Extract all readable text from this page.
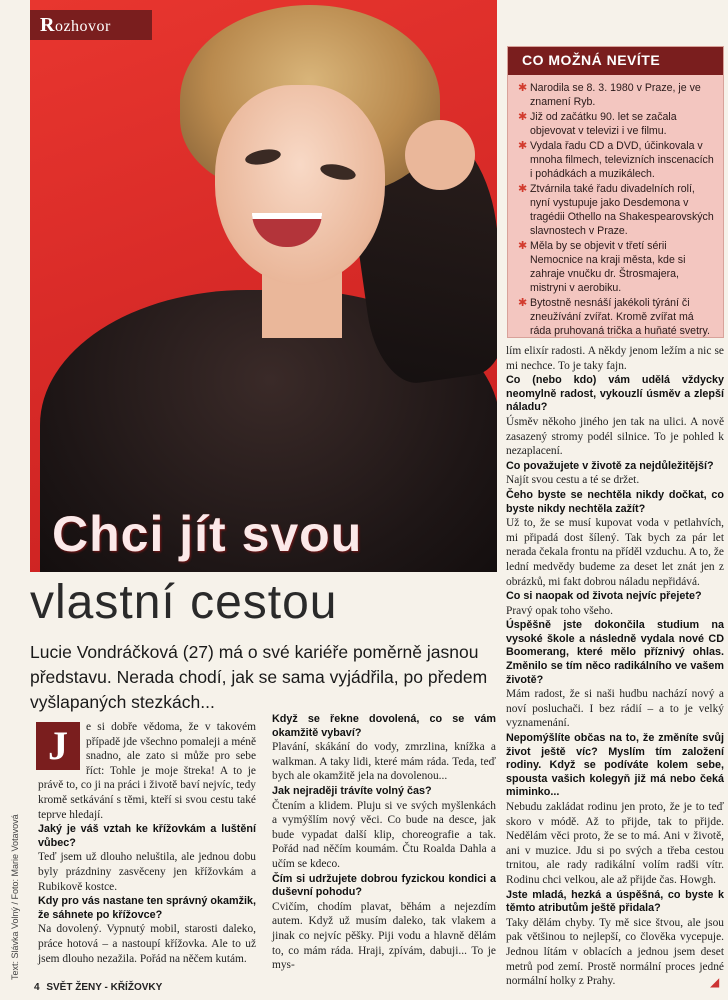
Rozhovor
Chci jít svou
vlastní cestou
Lucie Vondráčková (27) má o své kariéře poměrně jasnou představu. Nerada chodí, jak se sama vyjádřila, po předem vyšlapaných stezkách...
CO MOŽNÁ NEVÍTE
✱ Narodila se 8. 3. 1980 v Praze, je ve znamení Ryb.
✱ Již od začátku 90. let se začala objevovat v televizi i ve filmu.
✱ Vydala řadu CD a DVD, účinkovala v mnoha filmech, televizních inscenacích i pohádkách a muzikálech.
✱ Ztvárnila také řadu divadelních rolí, nyní vystupuje jako Desdemona v tragédii Othello na Shakespearovských slavnostech v Praze.
✱ Měla by se objevit v třetí sérii Nemocnice na kraji města, kde si zahraje vnučku dr. Štrosmajera, mistryni v aerobiku.
✱ Bytostně nesnáší jakékoli týrání či zneužívání zvířat. Kromě zvířat má ráda pruhovaná trička a huňaté svetry.
J	e si dobře vědoma, že v takovém případě jde všechno pomaleji a méně snadno, ale zato si může pro sebe říct: Tohle je moje štreka! A to je právě to, co ji na práci i životě baví nejvíc, tedy kromě setkávání s těmi, kteří si svou cestu také teprve hledají.

Jaký je váš vztah ke křížovkám a luštění vůbec?

Teď jsem už dlouho neluštila, ale jednou dobu byly prázdniny zasvěceny jen křížovkám a Rubikově kostce.

Kdy pro vás nastane ten správný okamžik, že sáhnete po křížovce?

Na dovolený. Vypnutý mobil, starosti daleko, práce hotová – a nastoupí křížovka. Ale to už jsem dlouho nezažila. Pořád na něčem kutám.

Když se řekne dovolená, co se vám okamžitě vybaví?

Plavání, skákání do vody, zmrzlina, knížka a walkman. A taky lidi, které mám ráda. Teda, teď bych ale okamžitě jela na dovolenou...

Jak nejraději trávíte volný čas?

Čtením a klidem. Pluju si ve svých myšlenkách a vymýšlím nový věci. Co bude na desce, jak bude vypadat další klip, choreografie a tak. Pořád nad něčím koumám. Čtu Roalda Dahla a učím se kdeco.

Čím si udržujete dobrou fyzickou kondici a duševní pohodu?

Cvičím, chodím plavat, běhám a nejezdím autem. Když už musím daleko, tak vlakem a jinak co nejvíc pěšky. Piji vodu a hlavně dělám to, co mám ráda. Hraji, zpívám, dabuji... To je mys-

lím elixír radosti. A někdy jenom ležím a nic se mi nechce. To je taky fajn.

Co (nebo kdo) vám udělá vždycky neomylně radost, vykouzlí úsměv a zlepší náladu?

Úsměv někoho jiného jen tak na ulici. A nově zasazený stromy podél silnice. To je pohled k nezaplacení.

Co považujete v životě za nejdůležitější?

Najít svou cestu a té se držet.

Čeho byste se nechtěla nikdy dočkat, co byste nikdy nechtěla zažít?

Už to, že se musí kupovat voda v petlahvích, mi připadá dost šílený. Tak bych za pár let nerada čekala frontu na příděl vzduchu. A to, že lední medvědy budeme za deset let znát jen z obrázků, mi fakt dobrou náladu nepřidává.

Co si naopak od života nejvíc přejete?

Pravý opak toho všeho.

Úspěšně jste dokončila studium na vysoké škole a následně vydala nové CD Boomerang, které mělo příznivý ohlas. Změnilo se tím něco radikálního ve vašem životě?

Mám radost, že si naši hudbu nachází nový a noví posluchači. I bez rádií – a to je velký vyznamenání.

Nepomýšlíte občas na to, že změníte svůj život ještě víc? Myslím tím založení rodiny. Když se podíváte kolem sebe, spousta vašich kolegyň již má nebo čeká miminko...

Nebudu zakládat rodinu jen proto, že je to teď skoro v módě. Až to přijde, tak to přijde. Nedělám věci proto, že se to má. Ani v životě, ani v muzice. Jdu si po svých a třeba cestou trnitou, ale rady radikální volím radši vítr. Rodinu chci velkou, ale až přijde čas. Howgh.

Jste mladá, hezká a úspěšná, co byste k těmto atributům ještě přidala?

Taky dělám chyby. Ty mě sice štvou, ale jsou pak většinou to nejlepší, co člověka vycepuje. Jednou lítám v oblacích a jednou jsem deset metrů pod zemí. Prostě normální proces jedné normální holky z Prahy.

Text: Slávka Volný / Foto: Marie Votavová
4 SVĚT ŽENY - KŘÍŽOVKY	◢
